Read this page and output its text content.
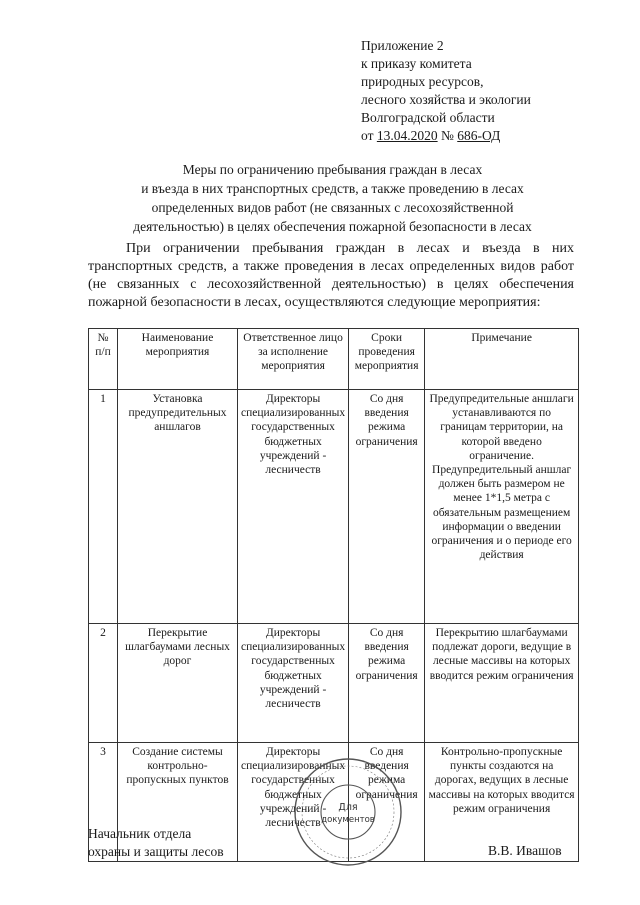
Приложение 2
к приказу комитета
природных ресурсов,
лесного хозяйства и экологии
Волгоградской области
от 13.04.2020 № 686-ОД
Меры по ограничению пребывания граждан в лесах
и въезда в них транспортных средств, а также проведению в лесах
определенных видов работ (не связанных с лесохозяйственной
деятельностью) в целях обеспечения пожарной безопасности в лесах
При ограничении пребывания граждан в лесах и въезда в них транспортных средств, а также проведения в лесах определенных видов работ (не связанных с лесохозяйственной деятельностью) в целях обеспечения пожарной безопасности в лесах, осуществляются следующие мероприятия:
№ п/п	Наименование мероприятия	Ответственное лицо за исполнение мероприятия	Сроки проведения мероприятия	Примечание
1	Установка предупредительных аншлагов	Директоры специализированных государственных бюджетных учреждений - лесничеств	Со дня введения режима ограничения	Предупредительные аншлаги устанавливаются по границам территории, на которой введено ограничение. Предупредительный аншлаг должен быть размером не менее 1*1,5 метра с обязательным размещением информации о введении ограничения и о периоде его действия
2	Перекрытие шлагбаумами лесных дорог	Директоры специализированных государственных бюджетных учреждений - лесничеств	Со дня введения режима ограничения	Перекрытию шлагбаумами подлежат дороги, ведущие в лесные массивы на которых вводится режим ограничения
3	Создание системы контрольно-пропускных пунктов	Директоры специализированных государственных бюджетных учреждений - лесничеств	Со дня введения режима ограничения	Контрольно-пропускные пункты создаются на дорогах, ведущих в лесные массивы на которых вводится режим ограничения
Начальник отдела
охраны и защиты лесов	В.В. Ивашов
Для
документов
